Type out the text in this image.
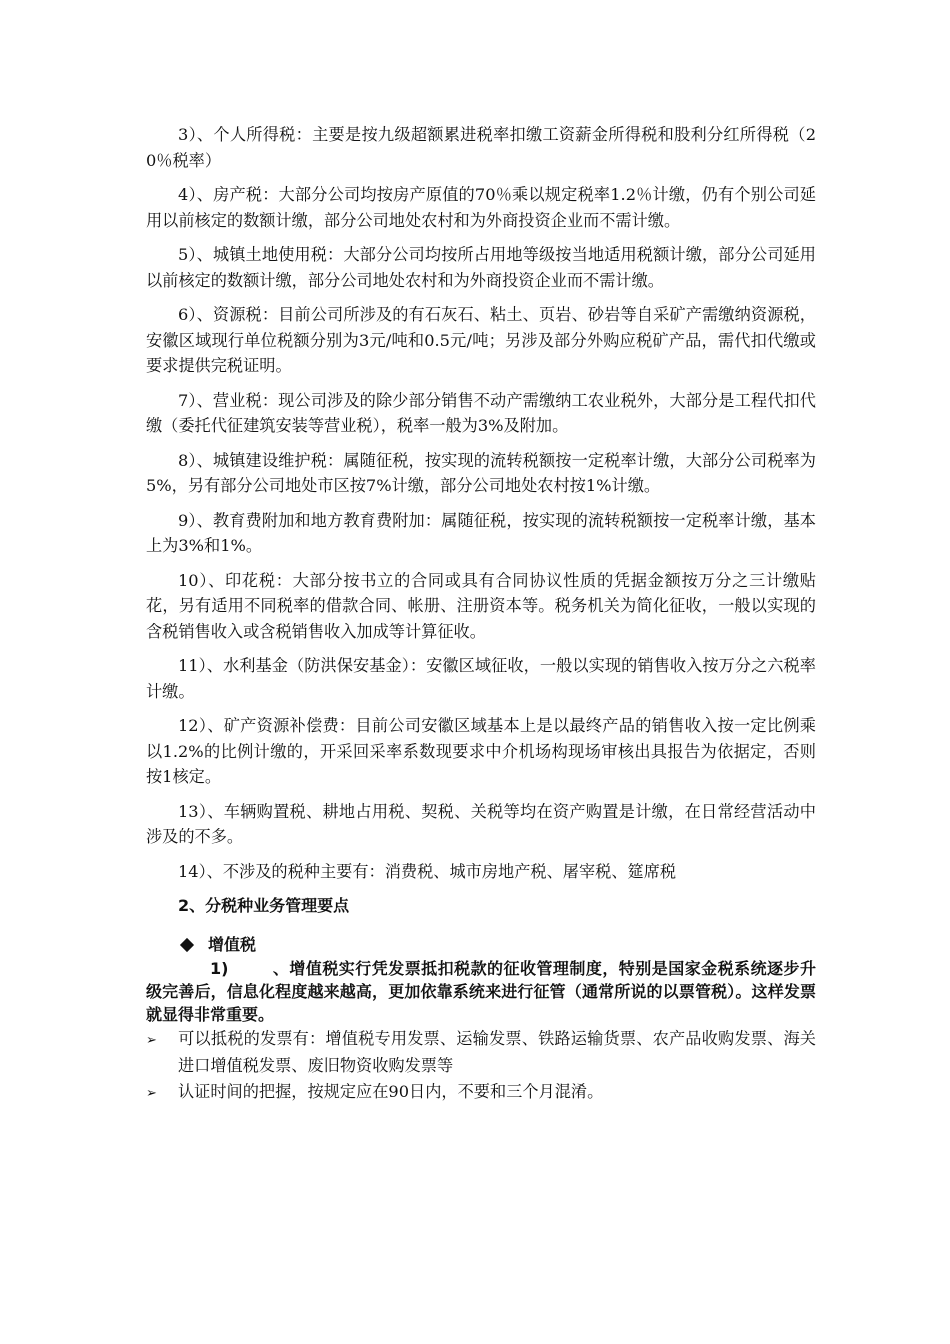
3）、个人所得税：主要是按九级超额累进税率扣缴工资薪金所得税和股利分红所得税（20％税率）

4）、房产税：大部分公司均按房产原值的70％乘以规定税率1.2％计缴，仍有个别公司延用以前核定的数额计缴，部分公司地处农村和为外商投资企业而不需计缴。

5）、城镇土地使用税：大部分公司均按所占用地等级按当地适用税额计缴，部分公司延用以前核定的数额计缴，部分公司地处农村和为外商投资企业而不需计缴。

6）、资源税：目前公司所涉及的有石灰石、粘土、页岩、砂岩等自采矿产需缴纳资源税，安徽区域现行单位税额分别为3元/吨和0.5元/吨；另涉及部分外购应税矿产品，需代扣代缴或要求提供完税证明。

7）、营业税：现公司涉及的除少部分销售不动产需缴纳工农业税外，大部分是工程代扣代缴（委托代征建筑安装等营业税），税率一般为3%及附加。

8）、城镇建设维护税：属随征税，按实现的流转税额按一定税率计缴，大部分公司税率为5%，另有部分公司地处市区按7%计缴，部分公司地处农村按1%计缴。

9）、教育费附加和地方教育费附加：属随征税，按实现的流转税额按一定税率计缴，基本上为3%和1%。

10）、印花税：大部分按书立的合同或具有合同协议性质的凭据金额按万分之三计缴贴花，另有适用不同税率的借款合同、帐册、注册资本等。税务机关为简化征收，一般以实现的含税销售收入或含税销售收入加成等计算征收。

11）、水利基金（防洪保安基金）：安徽区域征收，一般以实现的销售收入按万分之六税率计缴。

12）、矿产资源补偿费：目前公司安徽区域基本上是以最终产品的销售收入按一定比例乘以1.2%的比例计缴的，开采回采率系数现要求中介机场构现场审核出具报告为依据定，否则按1核定。

13）、车辆购置税、耕地占用税、契税、关税等均在资产购置是计缴，在日常经营活动中涉及的不多。

14）、不涉及的税种主要有：消费税、城市房地产税、屠宰税、筵席税

2、分税种业务管理要点

增值税

1)	、增值税实行凭发票抵扣税款的征收管理制度，特别是国家金税系统逐步升级完善后，信息化程度越来越高，更加依靠系统来进行征管（通常所说的以票管税）。这样发票就显得非常重要。

➢ 可以抵税的发票有：增值税专用发票、运输发票、铁路运输货票、农产品收购发票、海关进口增值税发票、废旧物资收购发票等

➢ 认证时间的把握，按规定应在90日内，不要和三个月混淆。
